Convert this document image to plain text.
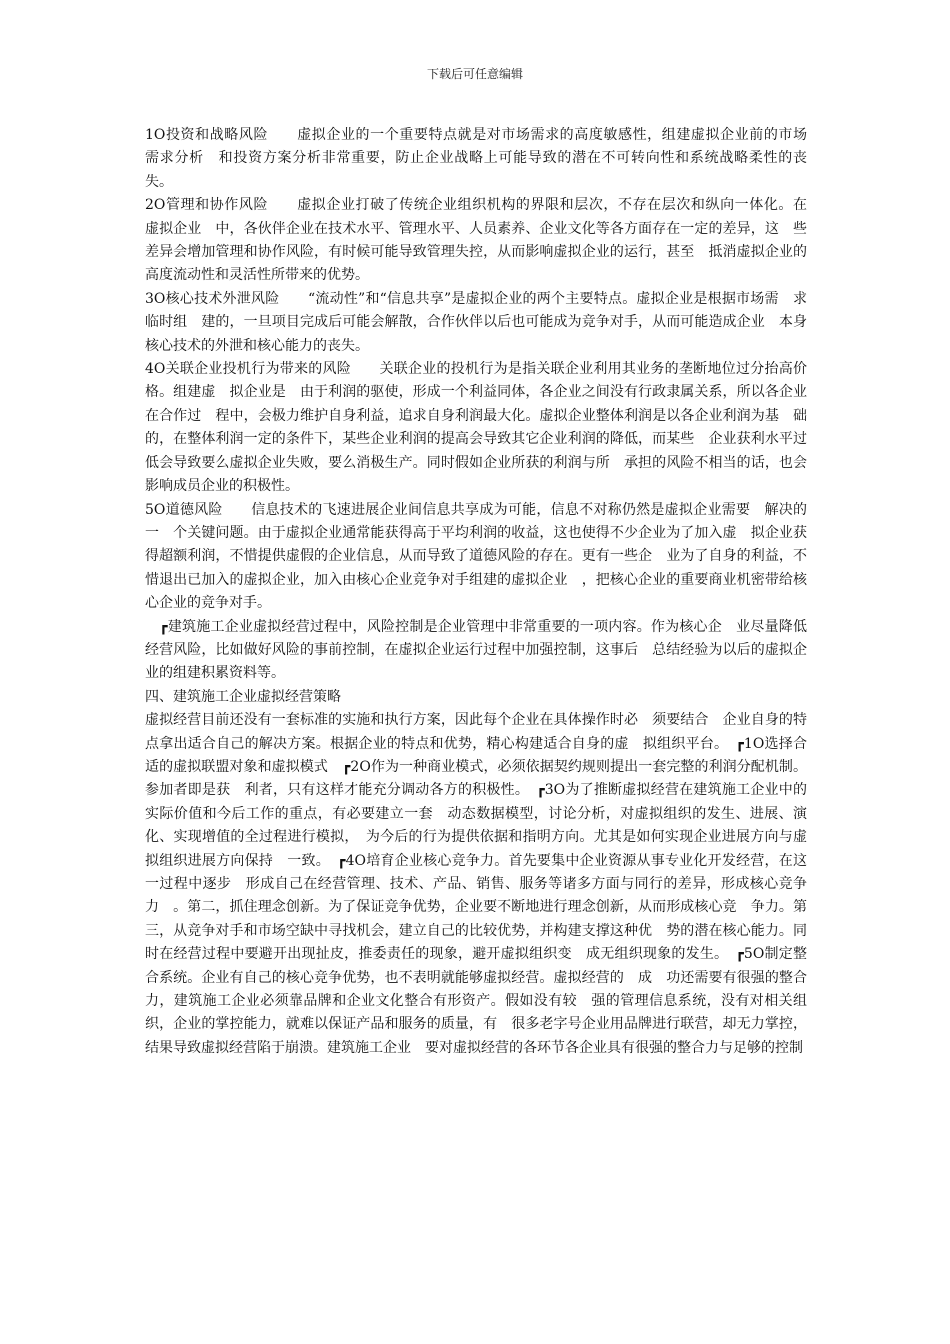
下载后可任意编辑

1O投资和战略风险　　虚拟企业的一个重要特点就是对市场需求的高度敏感性，组建虚拟企业前的市场　需求分析　和投资方案分析非常重要，防止企业战略上可能导致的潜在不可转向性和系统战略柔性的丧　失。

2O管理和协作风险　　虚拟企业打破了传统企业组织机构的界限和层次，不存在层次和纵向一体化。在　虚拟企业　中，各伙伴企业在技术水平、管理水平、人员素养、企业文化等各方面存在一定的差异，这　些差异会增加管理和协作风险，有时候可能导致管理失控，从而影响虚拟企业的运行，甚至　抵消虚拟企业的高度流动性和灵活性所带来的优势。

3O核心技术外泄风险　　“流动性”和“信息共享”是虚拟企业的两个主要特点。虚拟企业是根据市场需　求临时组　建的，一旦项目完成后可能会解散，合作伙伴以后也可能成为竞争对手，从而可能造成企业　本身核心技术的外泄和核心能力的丧失。

4O关联企业投机行为带来的风险　　关联企业的投机行为是指关联企业利用其业务的垄断地位过分抬高价格。组建虚　拟企业是　由于利润的驱使，形成一个利益同体，各企业之间没有行政隶属关系，所以各企业在合作过　程中，会极力维护自身利益，追求自身利润最大化。虚拟企业整体利润是以各企业利润为基　础的，在整体利润一定的条件下，某些企业利润的提高会导致其它企业利润的降低，而某些　企业获利水平过低会导致要么虚拟企业失败，要么消极生产。同时假如企业所获的利润与所　承担的风险不相当的话，也会影响成员企业的积极性。

5O道德风险　　信息技术的飞速进展企业间信息共享成为可能，信息不对称仍然是虚拟企业需要　解决的一　个关键问题。由于虚拟企业通常能获得高于平均利润的收益，这也使得不少企业为了加入虚　拟企业获得超额利润，不惜提供虚假的企业信息，从而导致了道德风险的存在。更有一些企　业为了自身的利益，不惜退出已加入的虚拟企业，加入由核心企业竞争对手组建的虚拟企业　，把核心企业的重要商业机密带给核心企业的竞争对手。

　┏建筑施工企业虚拟经营过程中，风险控制是企业管理中非常重要的一项内容。作为核心企　业尽量降低经营风险，比如做好风险的事前控制，在虚拟企业运行过程中加强控制，这事后　总结经验为以后的虚拟企业的组建积累资料等。

四、建筑施工企业虚拟经营策略

虚拟经营目前还没有一套标准的实施和执行方案，因此每个企业在具体操作时必　须要结合　企业自身的特点拿出适合自己的解决方案。根据企业的特点和优势，精心构建适合自身的虚　拟组织平台。　┏1O选择合适的虚拟联盟对象和虚拟模式　┏2O作为一种商业模式，必须依据契约规则提出一套完整的利润分配机制。参加者即是获　利者，只有这样才能充分调动各方的积极性。　┏3O为了推断虚拟经营在建筑施工企业中的实际价值和今后工作的重点，有必要建立一套　动态数据模型，讨论分析，对虚拟组织的发生、进展、演化、实现增值的全过程进行模拟，　为今后的行为提供依据和指明方向。尤其是如何实现企业进展方向与虚拟组织进展方向保持　一致。　┏4O培育企业核心竞争力。首先要集中企业资源从事专业化开发经营，在这一过程中逐步　形成自己在经营管理、技术、产品、销售、服务等诸多方面与同行的差异，形成核心竞争力　。第二，抓住理念创新。为了保证竞争优势，企业要不断地进行理念创新，从而形成核心竞　争力。第三，从竞争对手和市场空缺中寻找机会，建立自己的比较优势，并构建支撑这种优　势的潜在核心能力。同时在经营过程中要避开出现扯皮，推委责任的现象，避开虚拟组织变　成无组织现象的发生。　┏5O制定整合系统。企业有自己的核心竞争优势，也不表明就能够虚拟经营。虚拟经营的　成　功还需要有很强的整合力，建筑施工企业必须靠品牌和企业文化整合有形资产。假如没有较　强的管理信息系统，没有对相关组织，企业的掌控能力，就难以保证产品和服务的质量，有　很多老字号企业用品牌进行联营，却无力掌控，结果导致虚拟经营陷于崩溃。建筑施工企业　要对虚拟经营的各环节各企业具有很强的整合力与足够的控制
